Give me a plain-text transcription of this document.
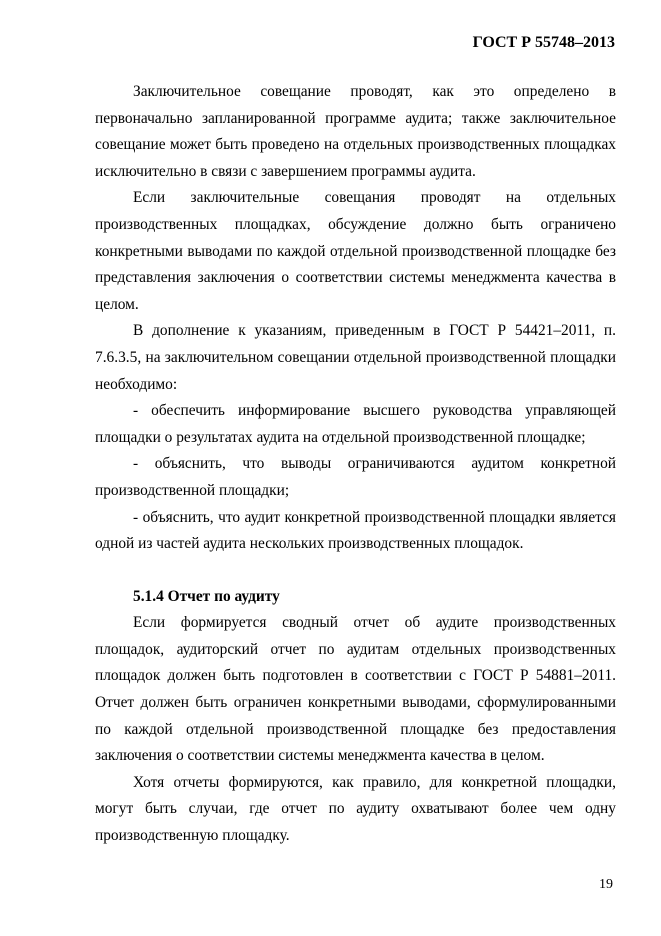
ГОСТ Р 55748–2013

Заключительное совещание проводят, как это определено в первоначально запланированной программе аудита; также заключительное совещание может быть проведено на отдельных производственных площадках исключительно в связи с завершением программы аудита.

Если заключительные совещания проводят на отдельных производственных площадках, обсуждение должно быть ограничено конкретными выводами по каждой отдельной производственной площадке без представления заключения о соответствии системы менеджмента качества в целом.

В дополнение к указаниям, приведенным в ГОСТ Р 54421–2011, п. 7.6.3.5, на заключительном совещании отдельной производственной площадки необходимо:

- обеспечить информирование высшего руководства управляющей площадки о результатах аудита на отдельной производственной площадке;

- объяснить, что выводы ограничиваются аудитом конкретной производственной площадки;

- объяснить, что аудит конкретной производственной площадки является одной из частей аудита нескольких производственных площадок.

5.1.4 Отчет по аудиту

Если формируется сводный отчет об аудите производственных площадок, аудиторский отчет по аудитам отдельных производственных площадок должен быть подготовлен в соответствии с ГОСТ Р 54881–2011. Отчет должен быть ограничен конкретными выводами, сформулированными по каждой отдельной производственной площадке без предоставления заключения о соответствии системы менеджмента качества в целом.

Хотя отчеты формируются, как правило, для конкретной площадки, могут быть случаи, где отчет по аудиту охватывают более чем одну производственную площадку.

19
